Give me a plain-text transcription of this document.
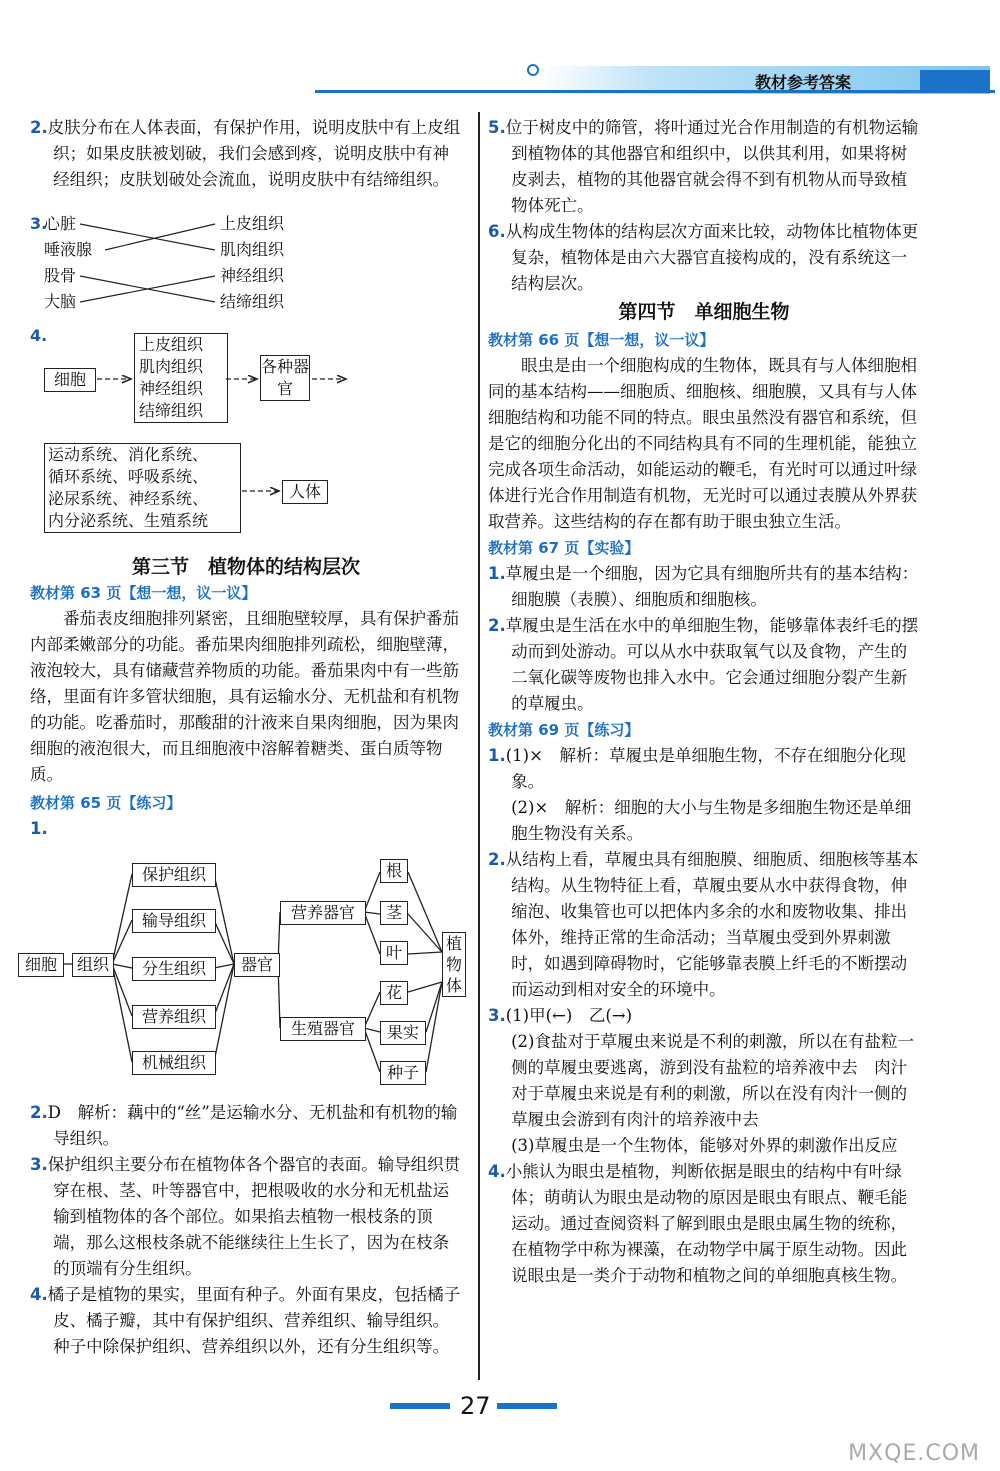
教材参考答案

2.皮肤分布在人体表面，有保护作用，说明皮肤中有上皮组织；如果皮肤被划破，我们会感到疼，说明皮肤中有神经组织；皮肤划破处会流血，说明皮肤中有结缔组织。

3.
心脏
唾液腺
股骨
大脑
上皮组织
肌肉组织
神经组织
结缔组织
4.
细胞
上皮组织
肌肉组织
神经组织
结缔组织
各种器官
运动系统、消化系统、
循环系统、呼吸系统、
泌尿系统、神经系统、
内分泌系统、生殖系统
人体
第三节　植物体的结构层次

教材第 63 页【想一想，议一议】

番茄表皮细胞排列紧密，且细胞壁较厚，具有保护番茄内部柔嫩部分的功能。番茄果肉细胞排列疏松，细胞壁薄，液泡较大，具有储藏营养物质的功能。番茄果肉中有一些筋络，里面有许多管状细胞，具有运输水分、无机盐和有机物的功能。吃番茄时，那酸甜的汁液来自果肉细胞，因为果肉细胞的液泡很大，而且细胞液中溶解着糖类、蛋白质等物质。

教材第 65 页【练习】

1.

细胞	组织
保护组织
输导组织
分生组织
营养组织
机械组织
器官
营养器官
生殖器官
根
茎
叶
花
果实
种子
植物体

2.D　解析：藕中的“丝”是运输水分、无机盐和有机物的输导组织。

3.保护组织主要分布在植物体各个器官的表面。输导组织贯穿在根、茎、叶等器官中，把根吸收的水分和无机盐运输到植物体的各个部位。如果掐去植物一根枝条的顶端，那么这根枝条就不能继续往上生长了，因为在枝条的顶端有分生组织。

4.橘子是植物的果实，里面有种子。外面有果皮，包括橘子皮、橘子瓣，其中有保护组织、营养组织、输导组织。种子中除保护组织、营养组织以外，还有分生组织等。

5.位于树皮中的筛管，将叶通过光合作用制造的有机物运输到植物体的其他器官和组织中，以供其利用，如果将树皮剥去，植物的其他器官就会得不到有机物从而导致植物体死亡。

6.从构成生物体的结构层次方面来比较，动物体比植物体更复杂，植物体是由六大器官直接构成的，没有系统这一结构层次。

第四节　单细胞生物

教材第 66 页【想一想，议一议】

眼虫是由一个细胞构成的生物体，既具有与人体细胞相同的基本结构——细胞质、细胞核、细胞膜，又具有与人体细胞结构和功能不同的特点。眼虫虽然没有器官和系统，但是它的细胞分化出的不同结构具有不同的生理机能，能独立完成各项生命活动，如能运动的鞭毛，有光时可以通过叶绿体进行光合作用制造有机物，无光时可以通过表膜从外界获取营养。这些结构的存在都有助于眼虫独立生活。

教材第 67 页【实验】

1.草履虫是一个细胞，因为它具有细胞所共有的基本结构：细胞膜（表膜）、细胞质和细胞核。

2.草履虫是生活在水中的单细胞生物，能够靠体表纤毛的摆动而到处游动。可以从水中获取氧气以及食物，产生的二氧化碳等废物也排入水中。它会通过细胞分裂产生新的草履虫。

教材第 69 页【练习】

1.(1)×　解析：草履虫是单细胞生物，不存在细胞分化现象。

(2)×　解析：细胞的大小与生物是多细胞生物还是单细胞生物没有关系。

2.从结构上看，草履虫具有细胞膜、细胞质、细胞核等基本结构。从生物特征上看，草履虫要从水中获得食物，伸缩泡、收集管也可以把体内多余的水和废物收集、排出体外，维持正常的生命活动；当草履虫受到外界刺激时，如遇到障碍物时，它能够靠表膜上纤毛的不断摆动而运动到相对安全的环境中。

3.(1)甲(←)　乙(→)

(2)食盐对于草履虫来说是不利的刺激，所以在有盐粒一侧的草履虫要逃离，游到没有盐粒的培养液中去　肉汁对于草履虫来说是有利的刺激，所以在没有肉汁一侧的草履虫会游到有肉汁的培养液中去

(3)草履虫是一个生物体，能够对外界的刺激作出反应

4.小熊认为眼虫是植物，判断依据是眼虫的结构中有叶绿体；萌萌认为眼虫是动物的原因是眼虫有眼点、鞭毛能运动。通过查阅资料了解到眼虫是眼虫属生物的统称，在植物学中称为裸藻，在动物学中属于原生动物。因此说眼虫是一类介于动物和植物之间的单细胞真核生物。

27
MXQE.COM
